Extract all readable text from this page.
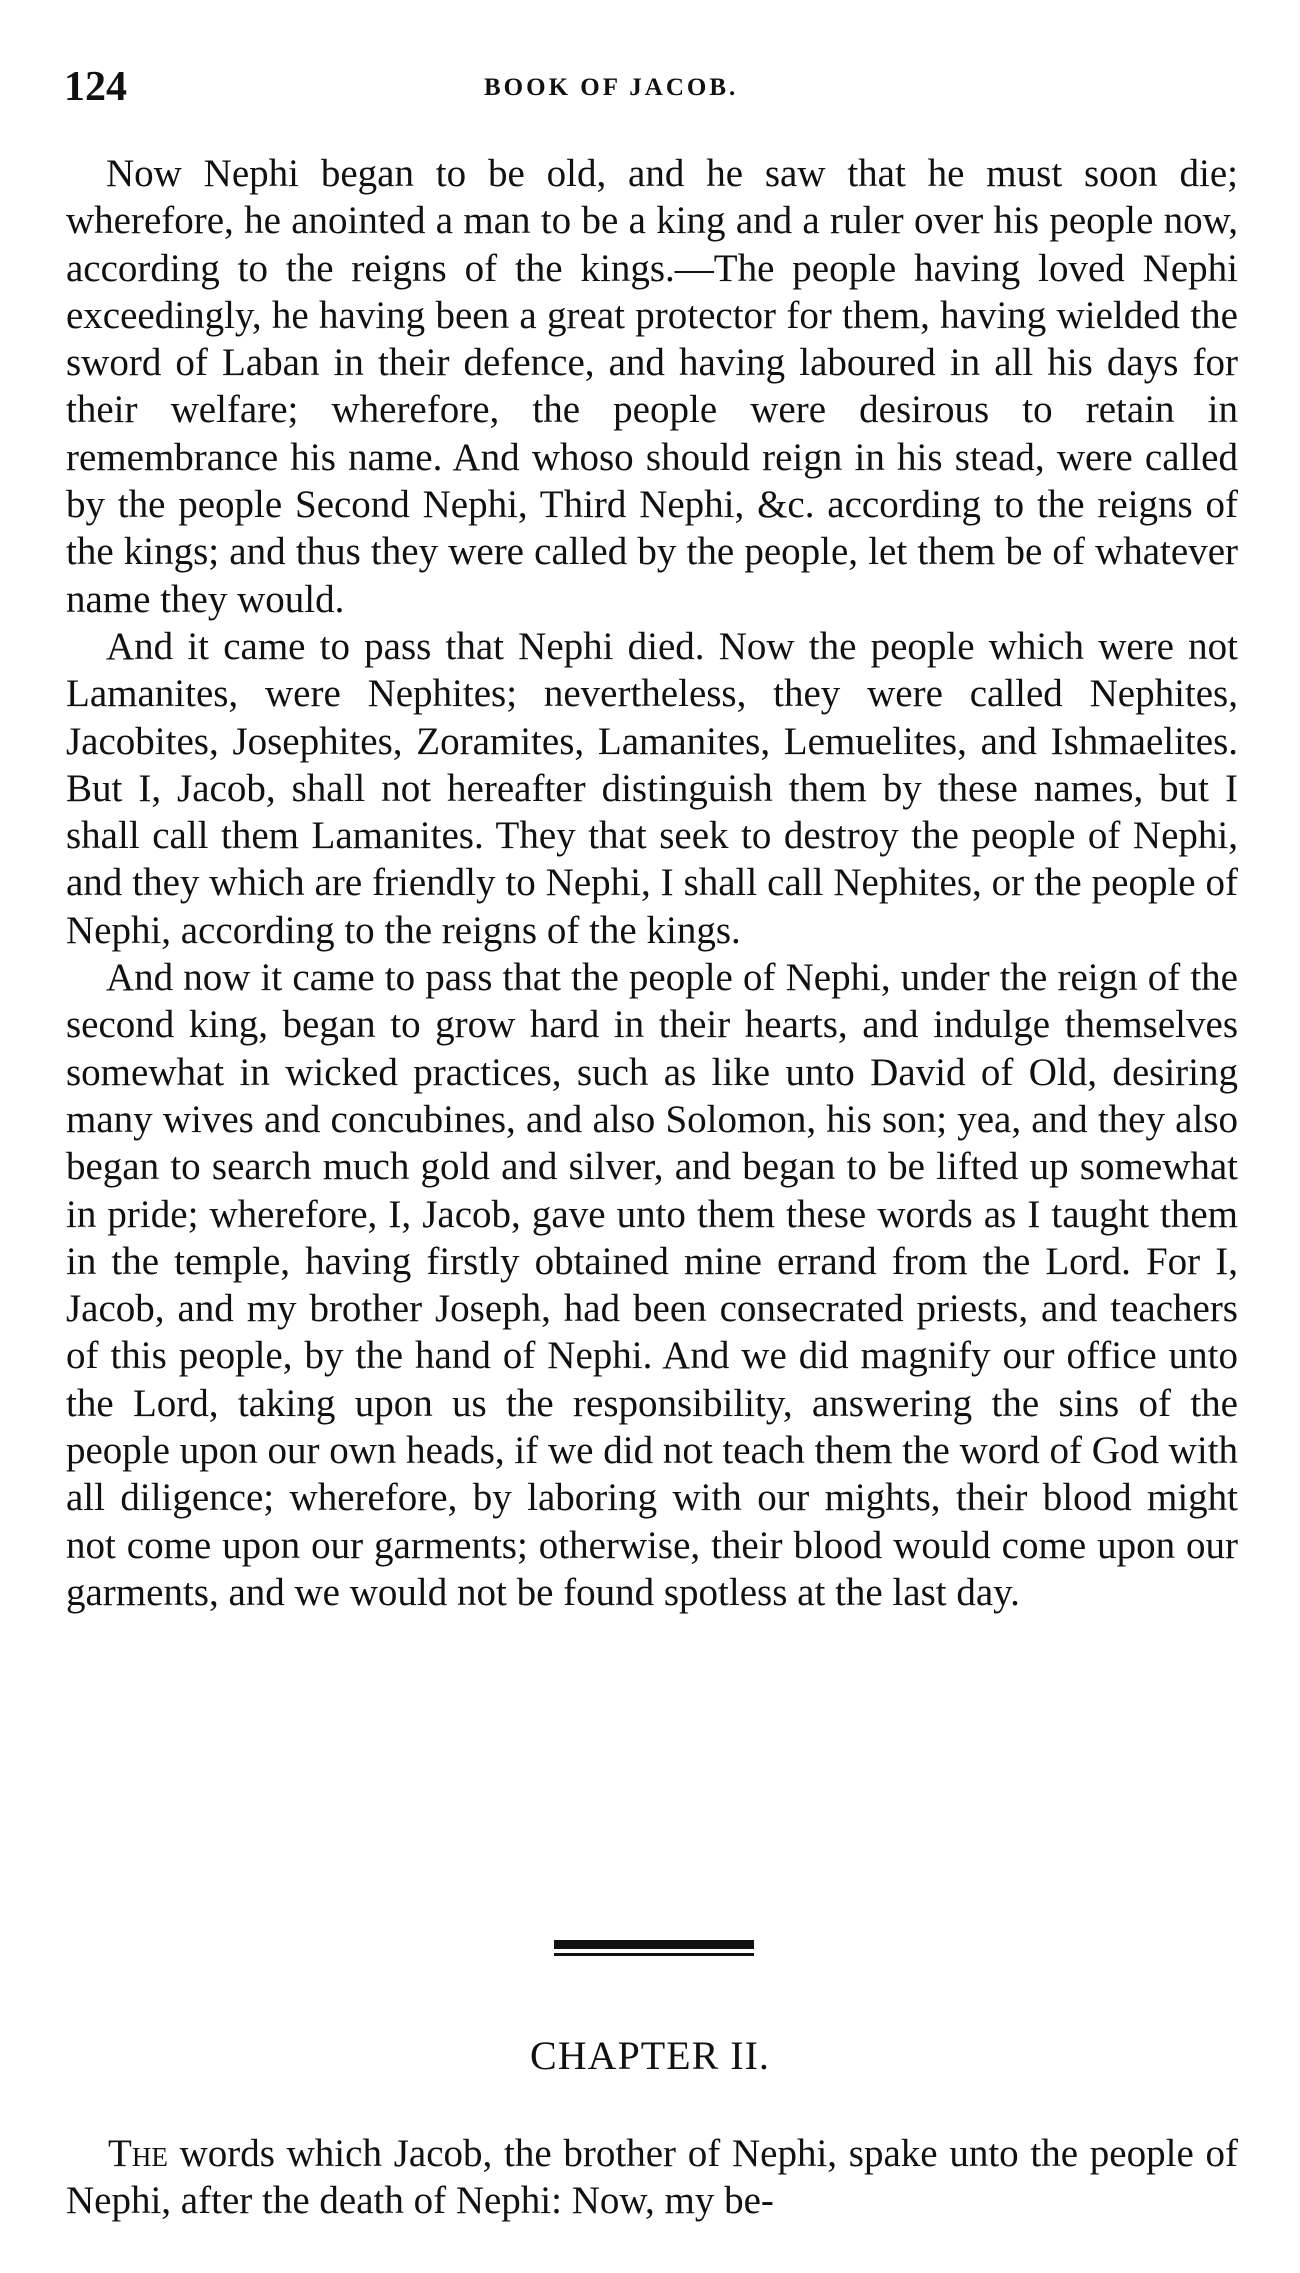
124	BOOK OF JACOB.

Now Nephi began to be old, and he saw that he must soon die; wherefore, he anointed a man to be a king and a ruler over his people now, according to the reigns of the kings.—The people having loved Nephi exceedingly, he having been a great protector for them, having wielded the sword of Laban in their defence, and having laboured in all his days for their welfare; wherefore, the people were desirous to retain in remembrance his name. And whoso should reign in his stead, were called by the people Second Nephi, Third Nephi, &c. according to the reigns of the kings; and thus they were called by the people, let them be of whatever name they would.

And it came to pass that Nephi died. Now the people which were not Lamanites, were Nephites; nevertheless, they were called Nephites, Jacobites, Josephites, Zoramites, Lamanites, Lemuelites, and Ishmaelites. But I, Jacob, shall not hereafter distinguish them by these names, but I shall call them Lamanites. They that seek to destroy the people of Nephi, and they which are friendly to Nephi, I shall call Nephites, or the people of Nephi, according to the reigns of the kings.

And now it came to pass that the people of Nephi, under the reign of the second king, began to grow hard in their hearts, and indulge themselves somewhat in wicked practices, such as like unto David of Old, desiring many wives and concubines, and also Solomon, his son; yea, and they also began to search much gold and silver, and began to be lifted up somewhat in pride; wherefore, I, Jacob, gave unto them these words as I taught them in the temple, having firstly obtained mine errand from the Lord. For I, Jacob, and my brother Joseph, had been consecrated priests, and teachers of this people, by the hand of Nephi. And we did magnify our office unto the Lord, taking upon us the responsibility, answering the sins of the people upon our own heads, if we did not teach them the word of God with all diligence; wherefore, by laboring with our mights, their blood might not come upon our garments; otherwise, their blood would come upon our garments, and we would not be found spotless at the last day.

CHAPTER II.

The words which Jacob, the brother of Nephi, spake unto the people of Nephi, after the death of Nephi: Now, my be-
